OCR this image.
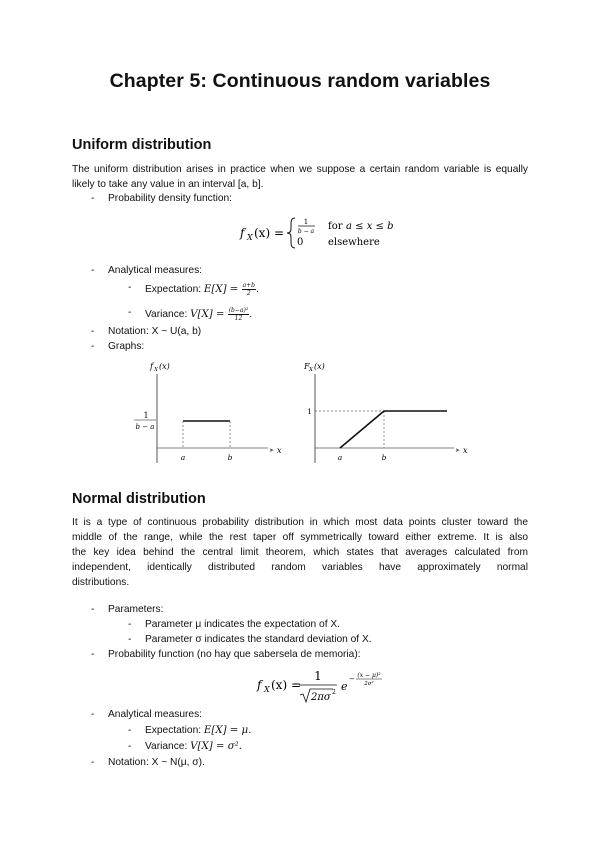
Chapter 5: Continuous random variables
Uniform distribution
The uniform distribution arises in practice when we suppose a certain random variable is equally likely to take any value in an interval [a, b].
- Probability density function:
f X (x) =
1
b − a for a ≤ x ≤ b
0 elsewhere
- Analytical measures:
- Expectation: $E[X] = \frac{a+b}{2}$ .
- Variance: $V[X] = \frac{\text{(b−a)²}}{12}$ .
- Notation: X ~ U(a, b)
- Graphs:
f X (x)
➤ x
1
b − a
a	b
F X (x)
➤ x
1
a	b
Normal distribution
It is a type of continuous probability distribution in which most data points cluster toward the
middle of the range, while the rest taper off symmetrically toward either extreme. It is also
the key idea behind the central limit theorem, which states that averages calculated from
independent, identically distributed random variables have approximately normal
distributions.
- Parameters:
- Parameter μ indicates the expectation of X.
- Parameter σ indicates the standard deviation of X.
- Probability function (no hay que sabersela de memoria):
f X (x) =
1
2πσ 2 e
− (x − μ)²
2σ²
- Analytical measures:
- Expectation: E[X] = μ.
- Variance: V[X] = σ².
- Notation: X ~ N(μ, σ).
